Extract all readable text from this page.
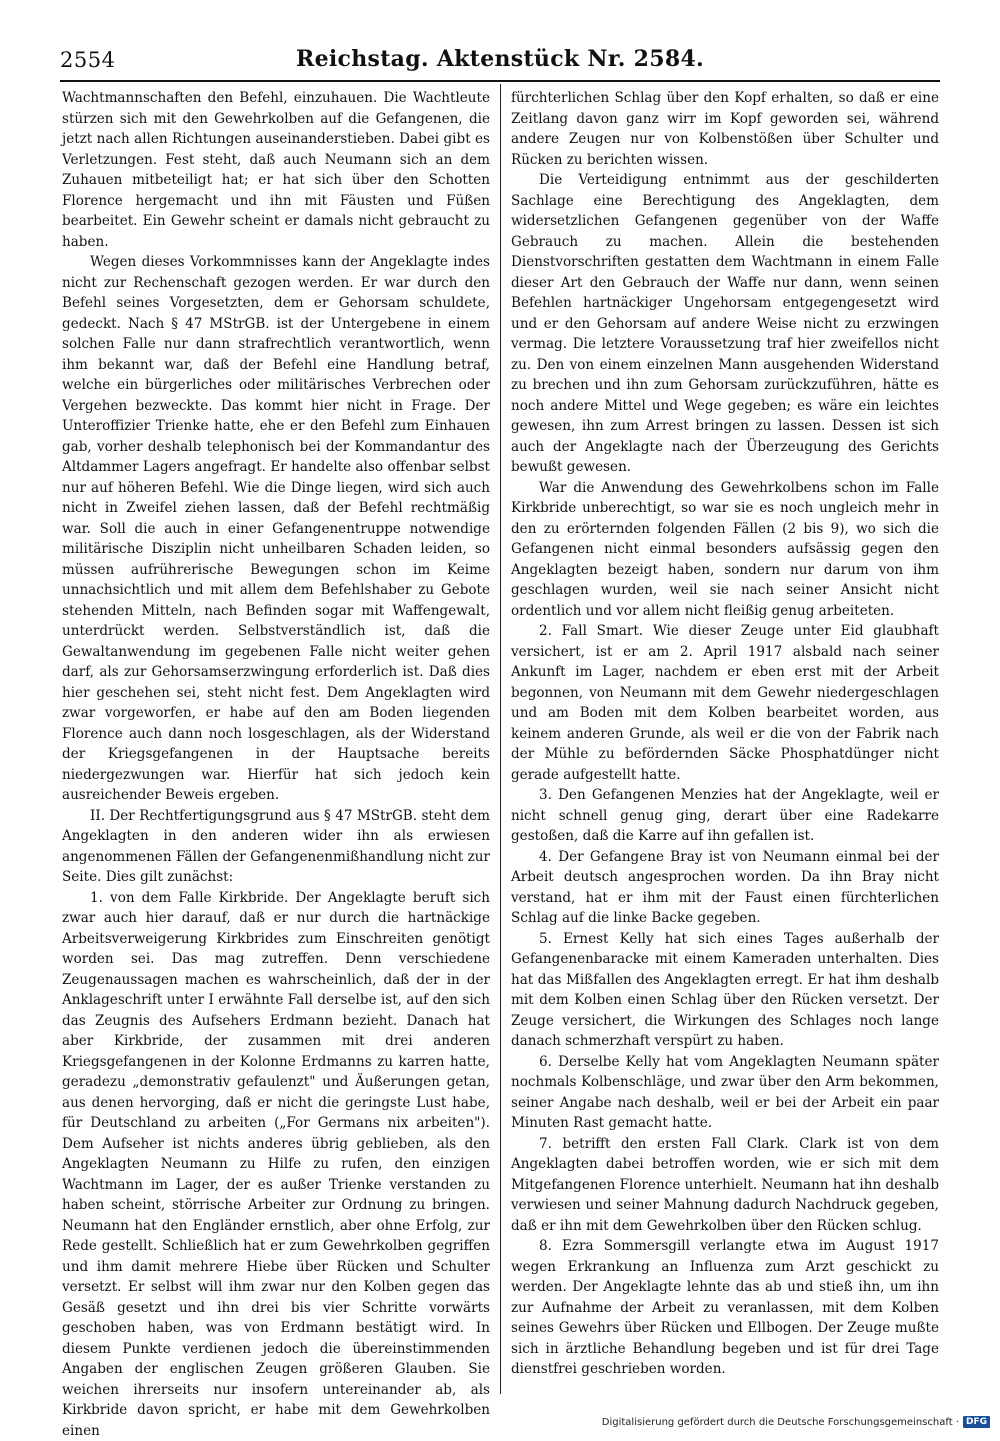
2554	Reichstag. Aktenstück Nr. 2584.

Wachtmannschaften den Befehl, einzuhauen. Die Wachtleute stürzen sich mit den Gewehrkolben auf die Gefangenen, die jetzt nach allen Richtungen auseinanderstieben. Dabei gibt es Verletzungen. Fest steht, daß auch Neumann sich an dem Zuhauen mitbeteiligt hat; er hat sich über den Schotten Florence hergemacht und ihn mit Fäusten und Füßen bearbeitet. Ein Gewehr scheint er damals nicht gebraucht zu haben.

Wegen dieses Vorkommnisses kann der Angeklagte indes nicht zur Rechenschaft gezogen werden. Er war durch den Befehl seines Vorgesetzten, dem er Gehorsam schuldete, gedeckt. Nach § 47 MStrGB. ist der Untergebene in einem solchen Falle nur dann strafrechtlich verantwortlich, wenn ihm bekannt war, daß der Befehl eine Handlung betraf, welche ein bürgerliches oder militärisches Verbrechen oder Vergehen bezweckte. Das kommt hier nicht in Frage. Der Unteroffizier Trienke hatte, ehe er den Befehl zum Einhauen gab, vorher deshalb telephonisch bei der Kommandantur des Altdammer Lagers angefragt. Er handelte also offenbar selbst nur auf höheren Befehl. Wie die Dinge liegen, wird sich auch nicht in Zweifel ziehen lassen, daß der Befehl rechtmäßig war. Soll die auch in einer Gefangenentruppe notwendige militärische Disziplin nicht unheilbaren Schaden leiden, so müssen aufrührerische Bewegungen schon im Keime unnachsichtlich und mit allem dem Befehlshaber zu Gebote stehenden Mitteln, nach Befinden sogar mit Waffengewalt, unterdrückt werden. Selbstverständlich ist, daß die Gewaltanwendung im gegebenen Falle nicht weiter gehen darf, als zur Gehorsamserzwingung erforderlich ist. Daß dies hier geschehen sei, steht nicht fest. Dem Angeklagten wird zwar vorgeworfen, er habe auf den am Boden liegenden Florence auch dann noch losgeschlagen, als der Widerstand der Kriegsgefangenen in der Hauptsache bereits niedergezwungen war. Hierfür hat sich jedoch kein ausreichender Beweis ergeben.

II. Der Rechtfertigungsgrund aus § 47 MStrGB. steht dem Angeklagten in den anderen wider ihn als erwiesen angenommenen Fällen der Gefangenenmißhandlung nicht zur Seite. Dies gilt zunächst:

1. von dem Falle Kirkbride. Der Angeklagte beruft sich zwar auch hier darauf, daß er nur durch die hartnäckige Arbeitsverweigerung Kirkbrides zum Einschreiten genötigt worden sei. Das mag zutreffen. Denn verschiedene Zeugenaussagen machen es wahrscheinlich, daß der in der Anklageschrift unter I erwähnte Fall derselbe ist, auf den sich das Zeugnis des Aufsehers Erdmann bezieht. Danach hat aber Kirkbride, der zusammen mit drei anderen Kriegsgefangenen in der Kolonne Erdmanns zu karren hatte, geradezu „demonstrativ gefaulenzt" und Äußerungen getan, aus denen hervorging, daß er nicht die geringste Lust habe, für Deutschland zu arbeiten („For Germans nix arbeiten"). Dem Aufseher ist nichts anderes übrig geblieben, als den Angeklagten Neumann zu Hilfe zu rufen, den einzigen Wachtmann im Lager, der es außer Trienke verstanden zu haben scheint, störrische Arbeiter zur Ordnung zu bringen. Neumann hat den Engländer ernstlich, aber ohne Erfolg, zur Rede gestellt. Schließlich hat er zum Gewehrkolben gegriffen und ihm damit mehrere Hiebe über Rücken und Schulter versetzt. Er selbst will ihm zwar nur den Kolben gegen das Gesäß gesetzt und ihn drei bis vier Schritte vorwärts geschoben haben, was von Erdmann bestätigt wird. In diesem Punkte verdienen jedoch die übereinstimmenden Angaben der englischen Zeugen größeren Glauben. Sie weichen ihrerseits nur insofern untereinander ab, als Kirkbride davon spricht, er habe mit dem Gewehrkolben einen

fürchterlichen Schlag über den Kopf erhalten, so daß er eine Zeitlang davon ganz wirr im Kopf geworden sei, während andere Zeugen nur von Kolbenstößen über Schulter und Rücken zu berichten wissen.

Die Verteidigung entnimmt aus der geschilderten Sachlage eine Berechtigung des Angeklagten, dem widersetzlichen Gefangenen gegenüber von der Waffe Gebrauch zu machen. Allein die bestehenden Dienstvorschriften gestatten dem Wachtmann in einem Falle dieser Art den Gebrauch der Waffe nur dann, wenn seinen Befehlen hartnäckiger Ungehorsam entgegengesetzt wird und er den Gehorsam auf andere Weise nicht zu erzwingen vermag. Die letztere Voraussetzung traf hier zweifellos nicht zu. Den von einem einzelnen Mann ausgehenden Widerstand zu brechen und ihn zum Gehorsam zurückzuführen, hätte es noch andere Mittel und Wege gegeben; es wäre ein leichtes gewesen, ihn zum Arrest bringen zu lassen. Dessen ist sich auch der Angeklagte nach der Überzeugung des Gerichts bewußt gewesen.

War die Anwendung des Gewehrkolbens schon im Falle Kirkbride unberechtigt, so war sie es noch ungleich mehr in den zu erörternden folgenden Fällen (2 bis 9), wo sich die Gefangenen nicht einmal besonders aufsässig gegen den Angeklagten bezeigt haben, sondern nur darum von ihm geschlagen wurden, weil sie nach seiner Ansicht nicht ordentlich und vor allem nicht fleißig genug arbeiteten.

2. Fall Smart. Wie dieser Zeuge unter Eid glaubhaft versichert, ist er am 2. April 1917 alsbald nach seiner Ankunft im Lager, nachdem er eben erst mit der Arbeit begonnen, von Neumann mit dem Gewehr niedergeschlagen und am Boden mit dem Kolben bearbeitet worden, aus keinem anderen Grunde, als weil er die von der Fabrik nach der Mühle zu befördernden Säcke Phosphatdünger nicht gerade aufgestellt hatte.

3. Den Gefangenen Menzies hat der Angeklagte, weil er nicht schnell genug ging, derart über eine Radekarre gestoßen, daß die Karre auf ihn gefallen ist.

4. Der Gefangene Bray ist von Neumann einmal bei der Arbeit deutsch angesprochen worden. Da ihn Bray nicht verstand, hat er ihm mit der Faust einen fürchterlichen Schlag auf die linke Backe gegeben.

5. Ernest Kelly hat sich eines Tages außerhalb der Gefangenenbaracke mit einem Kameraden unterhalten. Dies hat das Mißfallen des Angeklagten erregt. Er hat ihm deshalb mit dem Kolben einen Schlag über den Rücken versetzt. Der Zeuge versichert, die Wirkungen des Schlages noch lange danach schmerzhaft verspürt zu haben.

6. Derselbe Kelly hat vom Angeklagten Neumann später nochmals Kolbenschläge, und zwar über den Arm bekommen, seiner Angabe nach deshalb, weil er bei der Arbeit ein paar Minuten Rast gemacht hatte.

7. betrifft den ersten Fall Clark. Clark ist von dem Angeklagten dabei betroffen worden, wie er sich mit dem Mitgefangenen Florence unterhielt. Neumann hat ihn deshalb verwiesen und seiner Mahnung dadurch Nachdruck gegeben, daß er ihn mit dem Gewehrkolben über den Rücken schlug.

8. Ezra Sommersgill verlangte etwa im August 1917 wegen Erkrankung an Influenza zum Arzt geschickt zu werden. Der Angeklagte lehnte das ab und stieß ihn, um ihn zur Aufnahme der Arbeit zu veranlassen, mit dem Kolben seines Gewehrs über Rücken und Ellbogen. Der Zeuge mußte sich in ärztliche Behandlung begeben und ist für drei Tage dienstfrei geschrieben worden.

Digitalisierung gefördert durch die Deutsche Forschungsgemeinschaft · DFG
